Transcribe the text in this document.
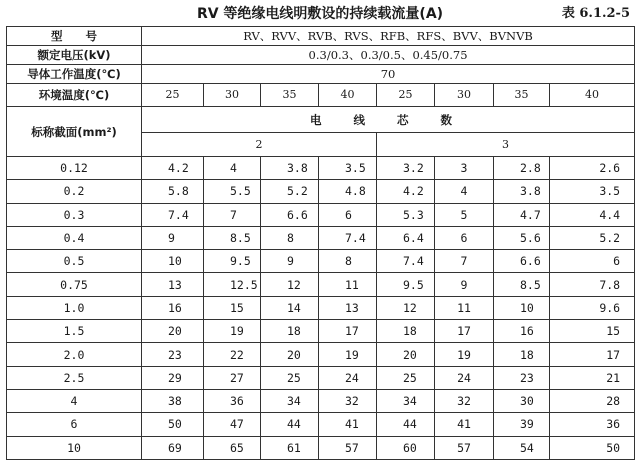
RV 等绝缘电线明敷设的持续载流量(A)	表 6.1.2-5
型　　号	RV、RVV、RVB、RVS、RFB、RFS、BVV、BVNVB							
额定电压(kV)	0.3/0.3、0.3/0.5、0.45/0.75							
导体工作温度(℃)	70							
环境温度(℃)	25	30	35	40	25	30	35	40
标称截面(mm²)	电 线 芯 数							
	2				3			
0.12	4.2	4	3.8	3.5	3.2	3	2.8	2.6
0.2	5.8	5.5	5.2	4.8	4.2	4	3.8	3.5
0.3	7.4	7	6.6	6	5.3	5	4.7	4.4
0.4	9	8.5	8	7.4	6.4	6	5.6	5.2
0.5	10	9.5	9	8	7.4	7	6.6	6
0.75	13	12.5	12	11	9.5	9	8.5	7.8
1.0	16	15	14	13	12	11	10	9.6
1.5	20	19	18	17	18	17	16	15
2.0	23	22	20	19	20	19	18	17
2.5	29	27	25	24	25	24	23	21
4	38	36	34	32	34	32	30	28
6	50	47	44	41	44	41	39	36
10	69	65	61	57	60	57	54	50
